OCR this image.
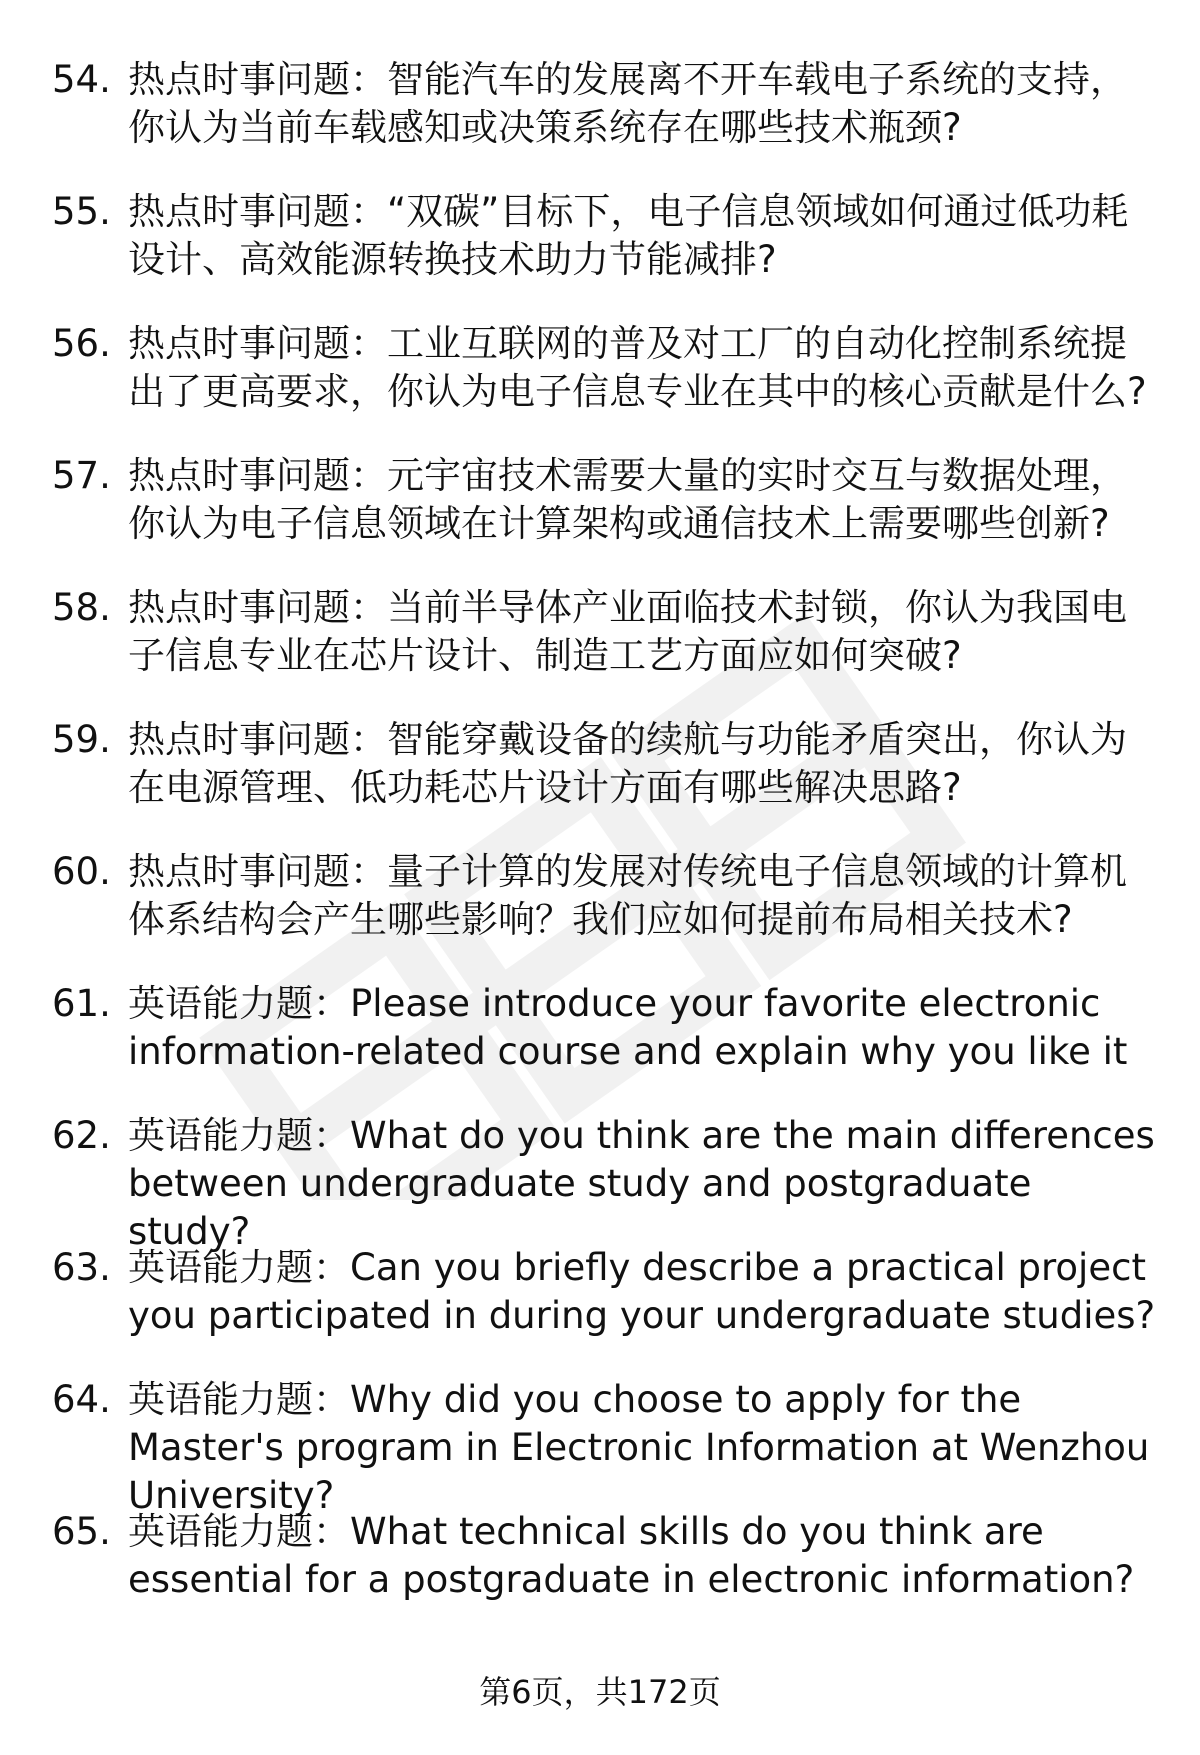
54. 热点时事问题：智能汽车的发展离不开车载电子系统的支持，你认为当前车载感知或决策系统存在哪些技术瓶颈?
55. 热点时事问题：“双碳”目标下，电子信息领域如何通过低功耗设计、高效能源转换技术助力节能减排?
56. 热点时事问题：工业互联网的普及对工厂的自动化控制系统提出了更高要求，你认为电子信息专业在其中的核心贡献是什么?
57. 热点时事问题：元宇宙技术需要大量的实时交互与数据处理，你认为电子信息领域在计算架构或通信技术上需要哪些创新?
58. 热点时事问题：当前半导体产业面临技术封锁，你认为我国电子信息专业在芯片设计、制造工艺方面应如何突破?
59. 热点时事问题：智能穿戴设备的续航与功能矛盾突出，你认为在电源管理、低功耗芯片设计方面有哪些解决思路?
60. 热点时事问题：量子计算的发展对传统电子信息领域的计算机体系结构会产生哪些影响？我们应如何提前布局相关技术?
61. 英语能力题：Please introduce your favorite electronic information-related course and explain why you like it
62. 英语能力题：What do you think are the main differences between undergraduate study and postgraduate study?
63. 英语能力题：Can you briefly describe a practical project you participated in during your undergraduate studies?
64. 英语能力题：Why did you choose to apply for the Master's program in Electronic Information at Wenzhou University?
65. 英语能力题：What technical skills do you think are essential for a postgraduate in electronic information?
第6页，共172页
